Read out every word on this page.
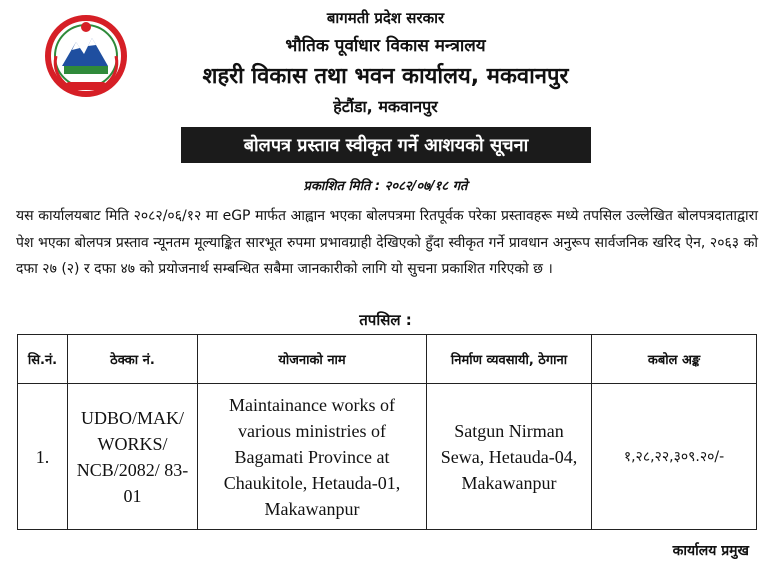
बागमती प्रदेश सरकार
भौतिक पूर्वाधार विकास मन्त्रालय
शहरी विकास तथा भवन कार्यालय, मकवानपुर
हेटौंडा, मकवानपुर
बोलपत्र प्रस्ताव स्वीकृत गर्ने आशयको सूचना
प्रकाशित मिति : २०८२/०७/१८ गते
यस कार्यालयबाट मिति २०८२/०६/१२ मा eGP मार्फत आह्वान भएका बोलपत्रमा रितपूर्वक परेका प्रस्तावहरू मध्ये तपसिल उल्लेखित बोलपत्रदाताद्वारा पेश भएका बोलपत्र प्रस्ताव न्यूनतम मूल्याङ्कित सारभूत रुपमा प्रभावग्राही देखिएको हुँदा स्वीकृत गर्ने प्रावधान अनुरूप सार्वजनिक खरिद ऐन, २०६३ को दफा २७ (२) र दफा ४७ को प्रयोजनार्थ सम्बन्धित सबैमा जानकारीको लागि यो सुचना प्रकाशित गरिएको छ ।
तपसिल :
सि.नं.	ठेक्का नं.	योजनाको नाम	निर्माण व्यवसायी, ठेगाना	कबोल अङ्क
1.	UDBO/MAK/ WORKS/ NCB/2082/ 83-01	Maintainance works of various ministries of Bagamati Province at Chaukitole, Hetauda-01, Makawanpur	Satgun Nirman Sewa, Hetauda-04, Makawanpur	१,२८,२२,३०९.२०/-
कार्यालय प्रमुख
